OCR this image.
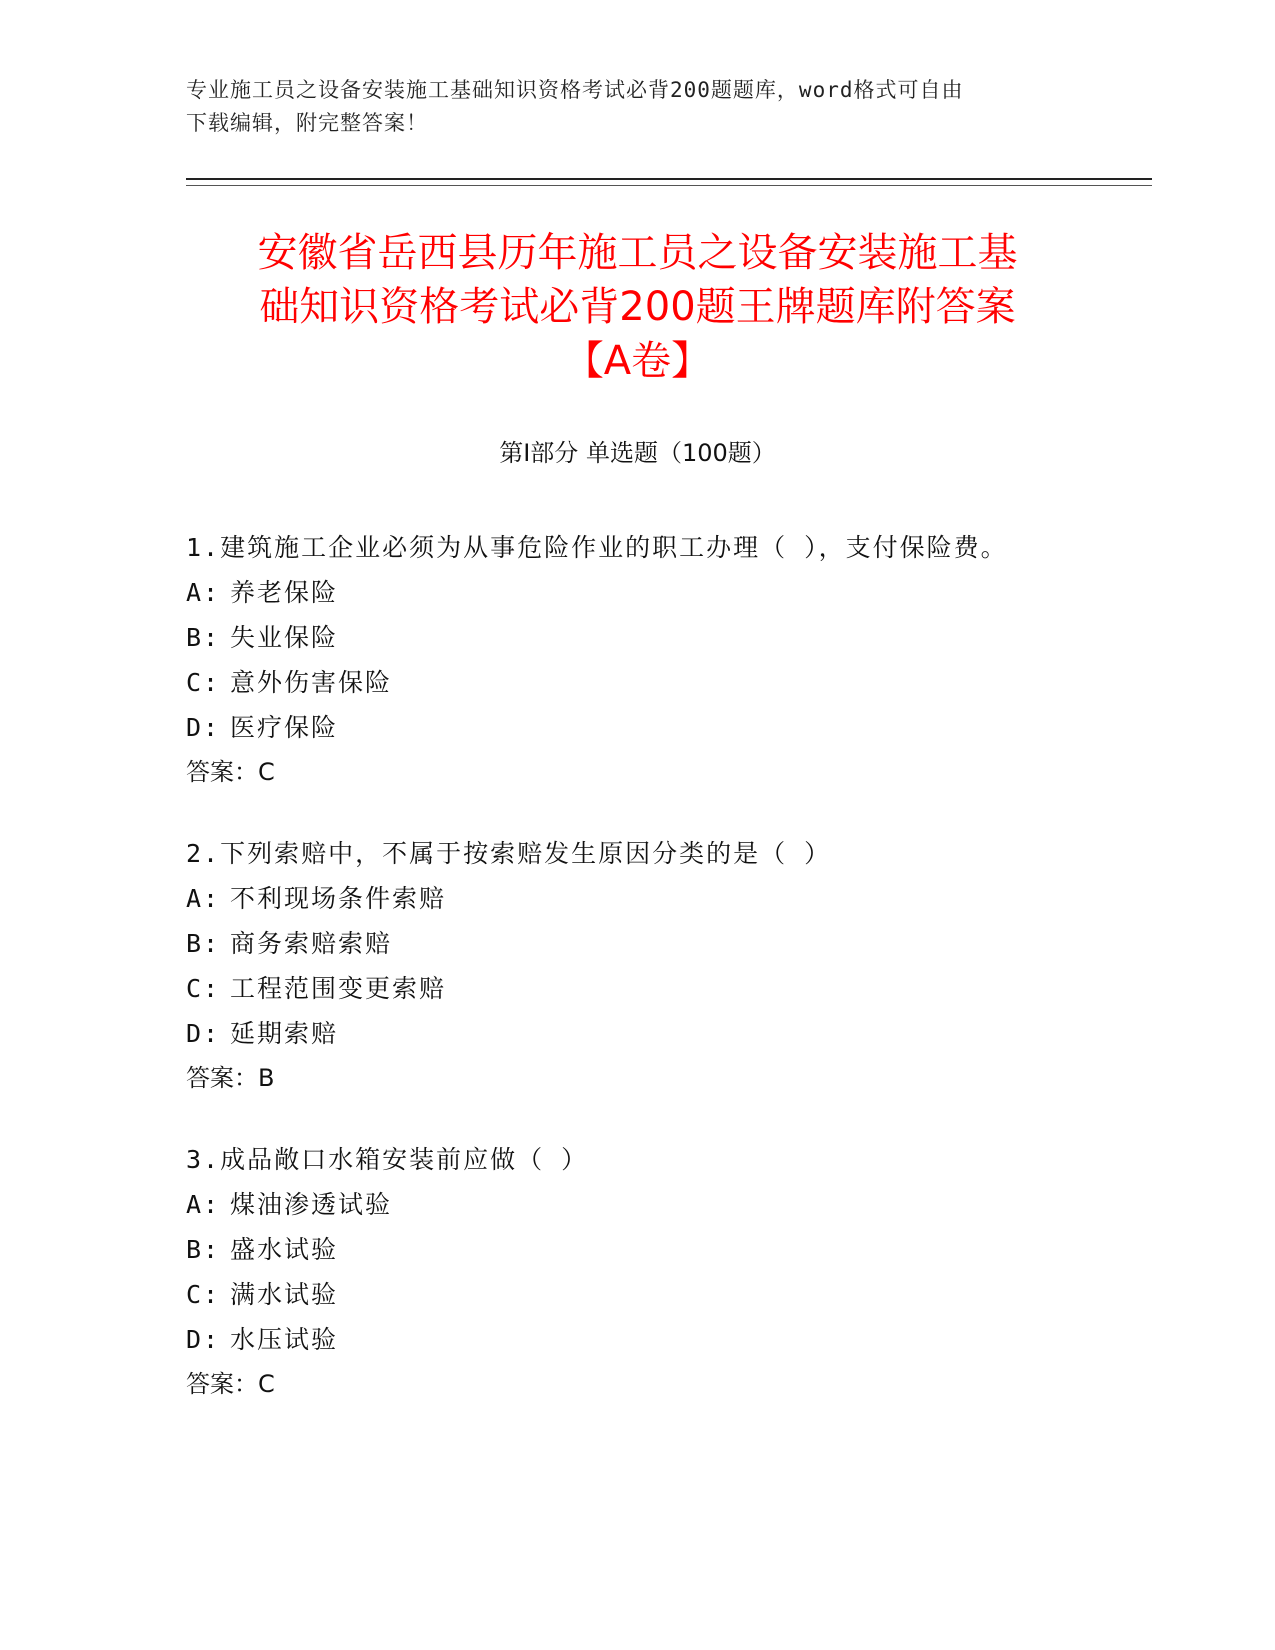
专业施工员之设备安装施工基础知识资格考试必背200题题库，word格式可自由
下载编辑，附完整答案！
安徽省岳西县历年施工员之设备安装施工基
础知识资格考试必背200题王牌题库附答案
【A卷】
第Ⅰ部分 单选题（100题）
1.建筑施工企业必须为从事危险作业的职工办理（ ），支付保险费。
A: 养老保险
B: 失业保险
C: 意外伤害保险
D: 医疗保险
答案：C
2.下列索赔中，不属于按索赔发生原因分类的是（ ）
A: 不利现场条件索赔
B: 商务索赔索赔
C: 工程范围变更索赔
D: 延期索赔
答案：B
3.成品敞口水箱安装前应做（ ）
A: 煤油渗透试验
B: 盛水试验
C: 满水试验
D: 水压试验
答案：C
